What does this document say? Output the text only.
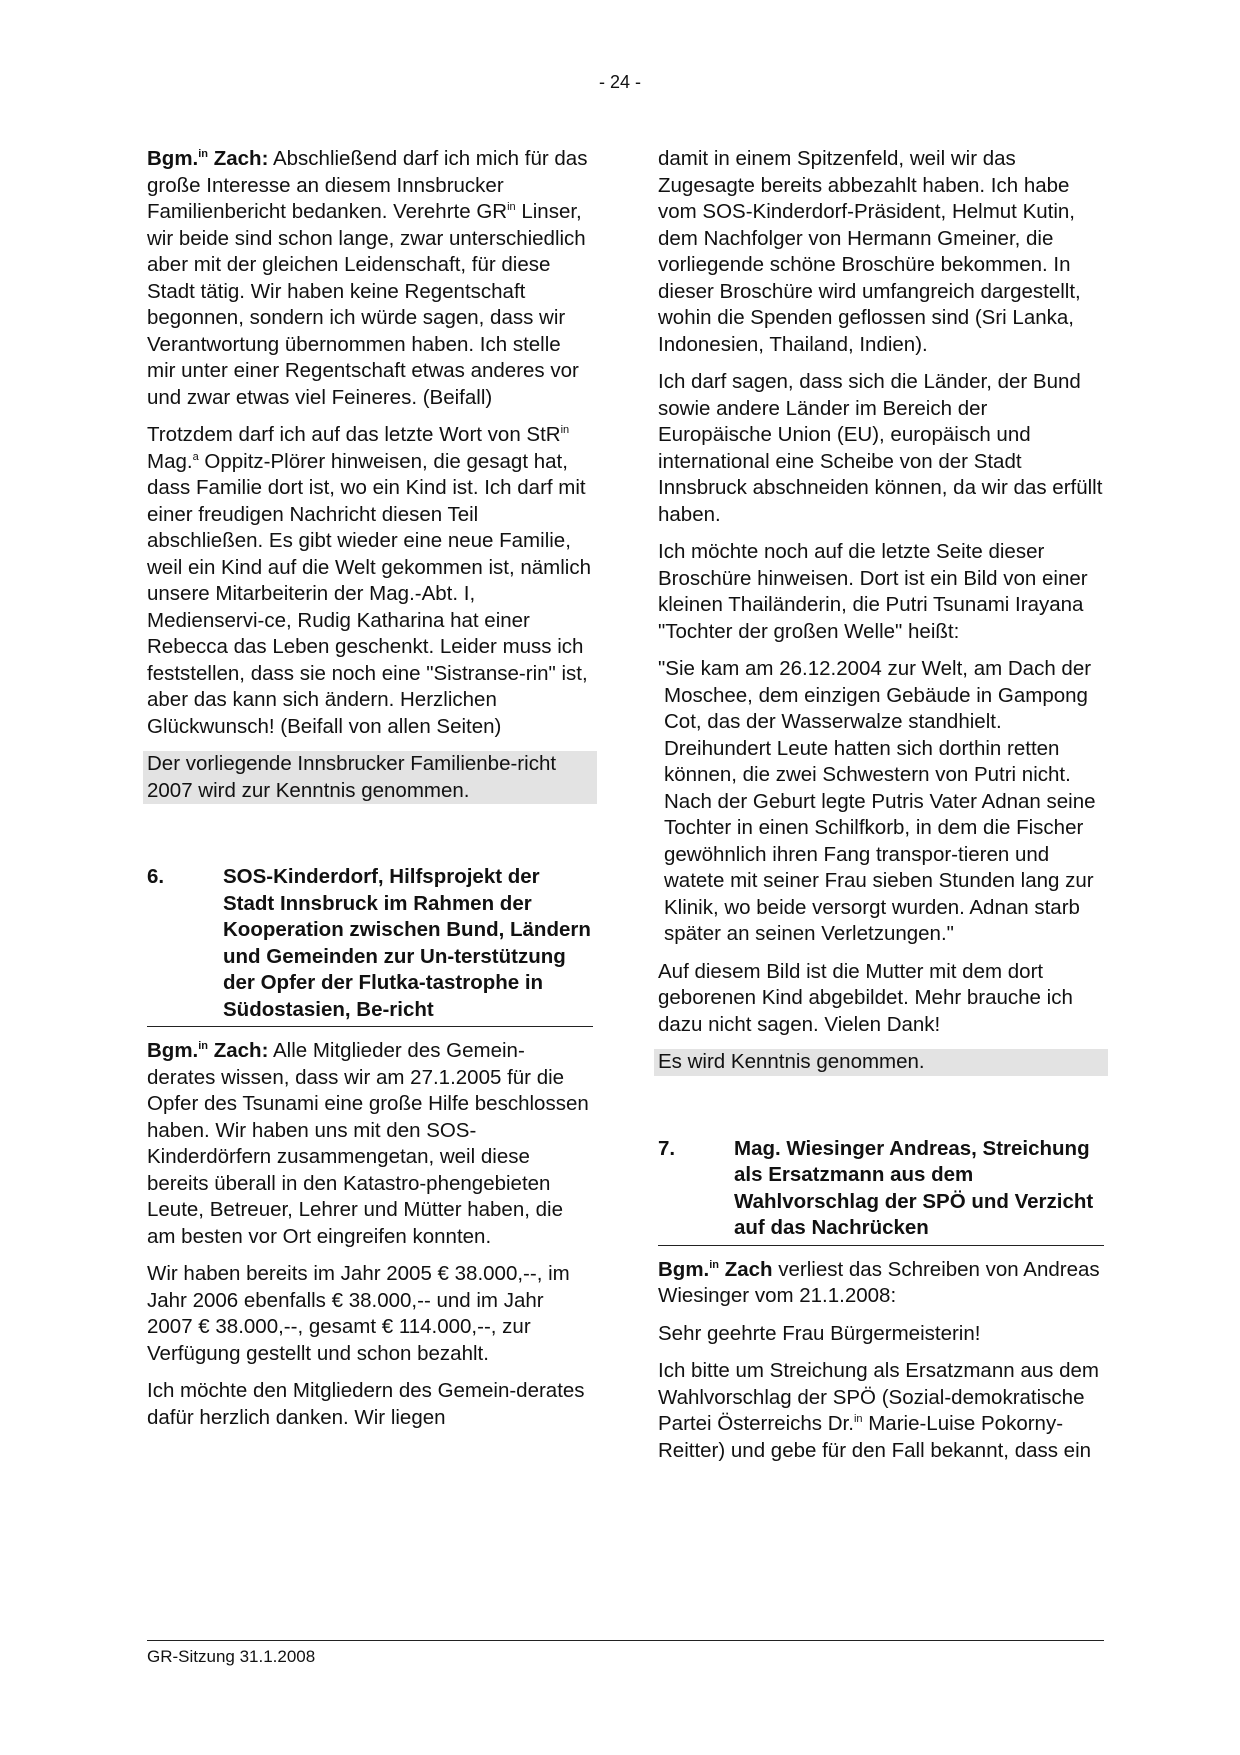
- 24 -

Bgm.$^{in}$ Zach: Abschließend darf ich mich für das große Interesse an diesem Innsbrucker Familienbericht bedanken. Verehrte $GR^{in}$ Linser, wir beide sind schon lange, zwar unterschiedlich aber mit der gleichen Leidenschaft, für diese Stadt tätig. Wir haben keine Regentschaft begonnen, sondern ich würde sagen, dass wir Verantwortung übernommen haben. Ich stelle mir unter einer Regentschaft etwas anderes vor und zwar etwas viel Feineres. (Beifall)

Trotzdem darf ich auf das letzte Wort von StR$^{in}$ Mag.$^a$ Oppitz-Plörer hinweisen, die gesagt hat, dass Familie dort ist, wo ein Kind ist. Ich darf mit einer freudigen Nachricht diesen Teil abschließen. Es gibt wieder eine neue Familie, weil ein Kind auf die Welt gekommen ist, nämlich unsere Mitarbeiterin der Mag.-Abt. I, Medienservi-ce, Rudig Katharina hat einer Rebecca das Leben geschenkt. Leider muss ich feststellen, dass sie noch eine "Sistranse-rin" ist, aber das kann sich ändern. Herzlichen Glückwunsch! (Beifall von allen Seiten)

Der vorliegende Innsbrucker Familienbe-richt 2007 wird zur Kenntnis genommen.

6.	SOS-Kinderdorf, Hilfsprojekt der Stadt Innsbruck im Rahmen der Kooperation zwischen Bund, Ländern und Gemeinden zur Un-terstützung der Opfer der Flutka-tastrophe in Südostasien, Be-richt

Bgm.$^{in}$ Zach: Alle Mitglieder des Gemein-derates wissen, dass wir am 27.1.2005 für die Opfer des Tsunami eine große Hilfe beschlossen haben. Wir haben uns mit den SOS-Kinderdörfern zusammengetan, weil diese bereits überall in den Katastro-phengebieten Leute, Betreuer, Lehrer und Mütter haben, die am besten vor Ort eingreifen konnten.

Wir haben bereits im Jahr 2005 € 38.000,--, im Jahr 2006 ebenfalls € 38.000,-- und im Jahr 2007 € 38.000,--, gesamt € 114.000,--, zur Verfügung gestellt und schon bezahlt.

Ich möchte den Mitgliedern des Gemein-derates dafür herzlich danken. Wir liegen

damit in einem Spitzenfeld, weil wir das Zugesagte bereits abbezahlt haben. Ich habe vom SOS-Kinderdorf-Präsident, Helmut Kutin, dem Nachfolger von Hermann Gmeiner, die vorliegende schöne Broschüre bekommen. In dieser Broschüre wird umfangreich dargestellt, wohin die Spenden geflossen sind (Sri Lanka, Indonesien, Thailand, Indien).

Ich darf sagen, dass sich die Länder, der Bund sowie andere Länder im Bereich der Europäische Union (EU), europäisch und international eine Scheibe von der Stadt Innsbruck abschneiden können, da wir das erfüllt haben.

Ich möchte noch auf die letzte Seite dieser Broschüre hinweisen. Dort ist ein Bild von einer kleinen Thailänderin, die Putri Tsunami Irayana "Tochter der großen Welle" heißt:

"Sie kam am 26.12.2004 zur Welt, am Dach der Moschee, dem einzigen Gebäude in Gampong Cot, das der Wasserwalze standhielt. Dreihundert Leute hatten sich dorthin retten können, die zwei Schwestern von Putri nicht. Nach der Geburt legte Putris Vater Adnan seine Tochter in einen Schilfkorb, in dem die Fischer gewöhnlich ihren Fang transpor-tieren und watete mit seiner Frau sieben Stunden lang zur Klinik, wo beide versorgt wurden. Adnan starb später an seinen Verletzungen."

Auf diesem Bild ist die Mutter mit dem dort geborenen Kind abgebildet. Mehr brauche ich dazu nicht sagen. Vielen Dank!

Es wird Kenntnis genommen.

7.	Mag. Wiesinger Andreas, Streichung als Ersatzmann aus dem Wahlvorschlag der SPÖ und Verzicht auf das Nachrücken

Bgm.$^{in}$ Zach verliest das Schreiben von Andreas Wiesinger vom 21.1.2008:

Sehr geehrte Frau Bürgermeisterin!

Ich bitte um Streichung als Ersatzmann aus dem Wahlvorschlag der SPÖ (Sozial-demokratische Partei Österreichs Dr.$^{in}$ Marie-Luise Pokorny-Reitter) und gebe für den Fall bekannt, dass ein

GR-Sitzung 31.1.2008
